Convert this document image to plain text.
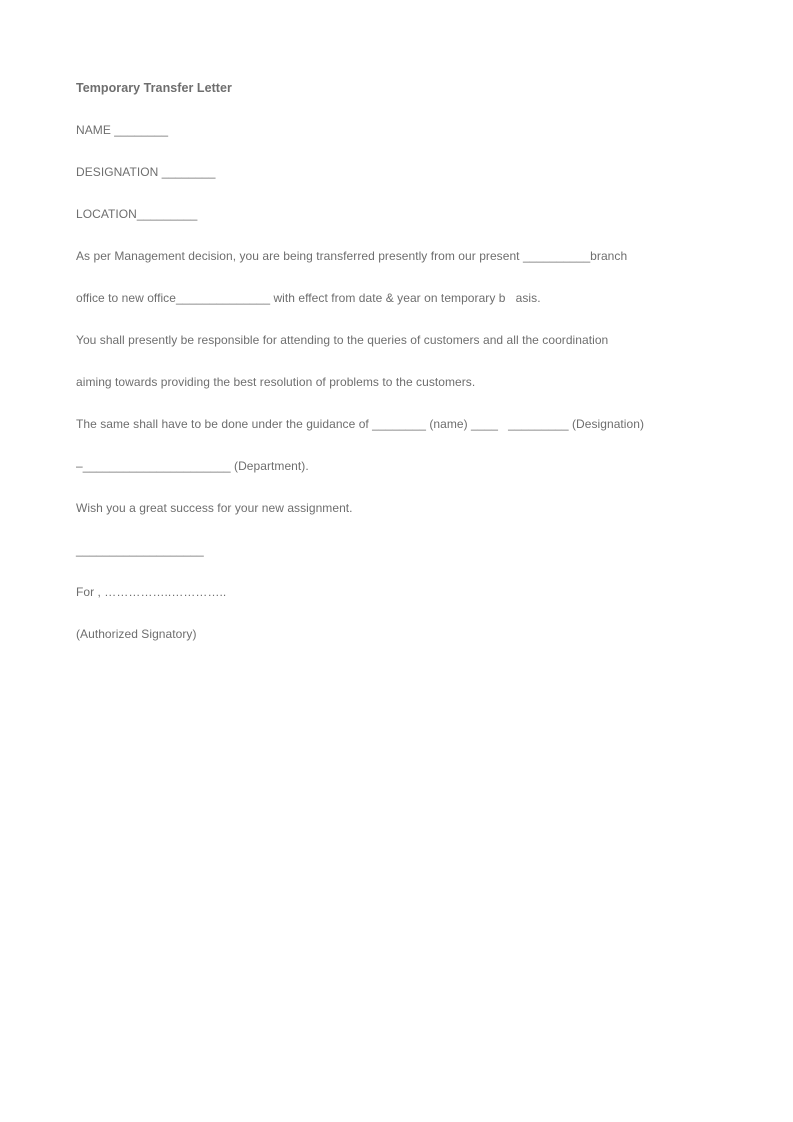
Temporary Transfer Letter
NAME ________
DESIGNATION ________
LOCATION_________
As per Management decision, you are being transferred presently from our present __________branch
office to new office______________ with effect from date & year on temporary b   asis.
You shall presently be responsible for attending to the queries of customers and all the coordination
aiming towards providing the best resolution of problems to the customers.
The same shall have to be done under the guidance of ________ (name) ____   _________ (Designation)
–______________________ (Department).
Wish you a great success for your new assignment.
___________________
For , ……………..…………..
(Authorized Signatory)
